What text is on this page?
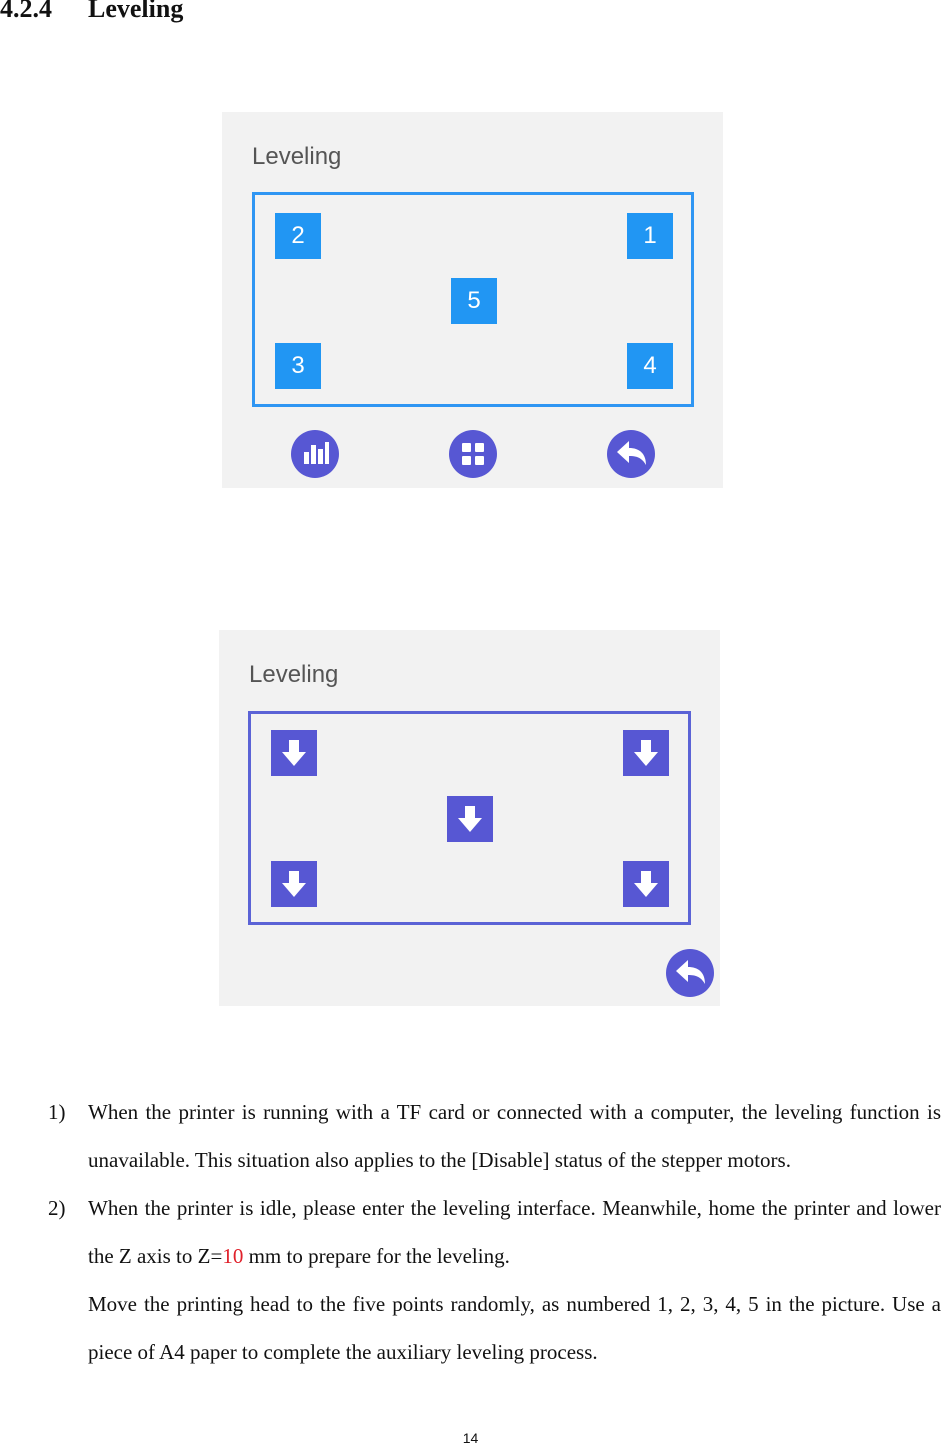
4.2.4 Leveling
Leveling
2	1
5
3	4
Leveling
1) When the printer is running with a TF card or connected with a computer, the leveling function is unavailable. This situation also applies to the [Disable] status of the stepper motors.

2) When the printer is idle, please enter the leveling interface. Meanwhile, home the printer and lower the Z axis to Z=10 mm to prepare for the leveling.

Move the printing head to the five points randomly, as numbered 1, 2, 3, 4, 5 in the picture. Use a piece of A4 paper to complete the auxiliary leveling process.

14
